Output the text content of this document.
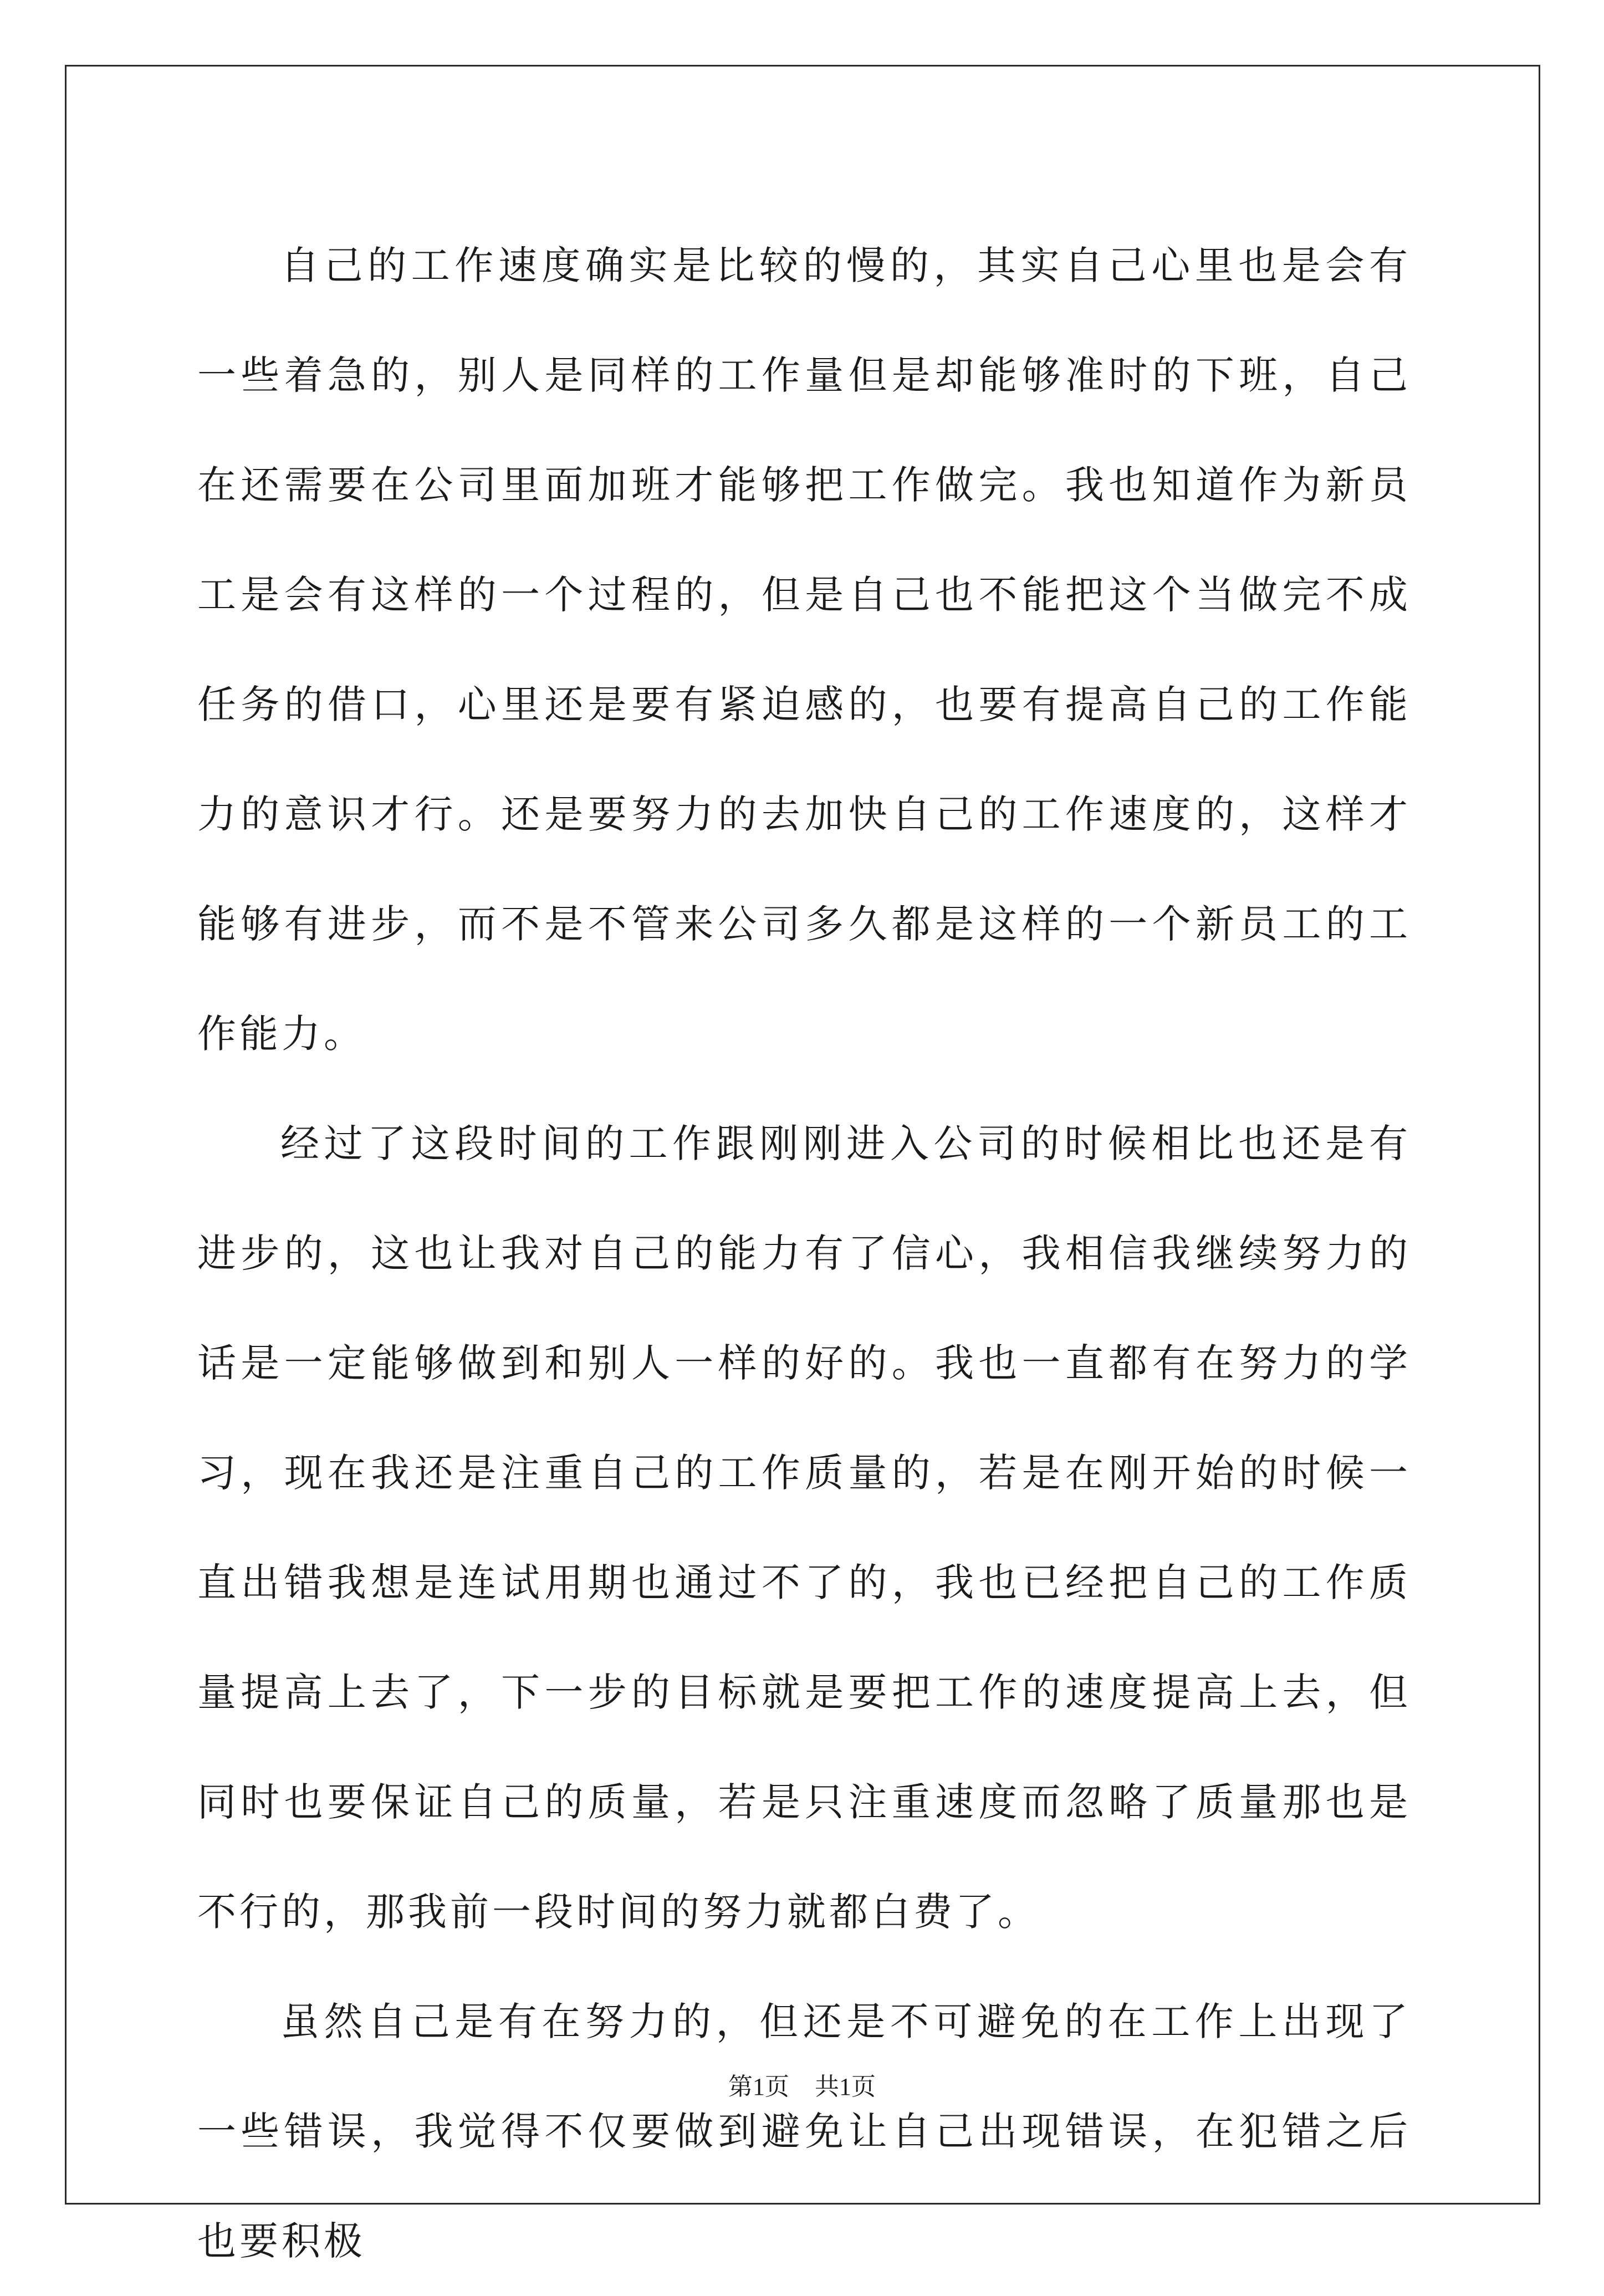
自己的工作速度确实是比较的慢的，其实自己心里也是会有一些着急的，别人是同样的工作量但是却能够准时的下班，自己在还需要在公司里面加班才能够把工作做完。我也知道作为新员工是会有这样的一个过程的，但是自己也不能把这个当做完不成任务的借口，心里还是要有紧迫感的，也要有提高自己的工作能力的意识才行。还是要努力的去加快自己的工作速度的，这样才能够有进步，而不是不管来公司多久都是这样的一个新员工的工作能力。

经过了这段时间的工作跟刚刚进入公司的时候相比也还是有进步的，这也让我对自己的能力有了信心，我相信我继续努力的话是一定能够做到和别人一样的好的。我也一直都有在努力的学习，现在我还是注重自己的工作质量的，若是在刚开始的时候一直出错我想是连试用期也通过不了的，我也已经把自己的工作质量提高上去了，下一步的目标就是要把工作的速度提高上去，但同时也要保证自己的质量，若是只注重速度而忽略了质量那也是不行的，那我前一段时间的努力就都白费了。

虽然自己是有在努力的，但还是不可避免的在工作上出现了一些错误，我觉得不仅要做到避免让自己出现错误，在犯错之后也要积极

第1页 共1页
